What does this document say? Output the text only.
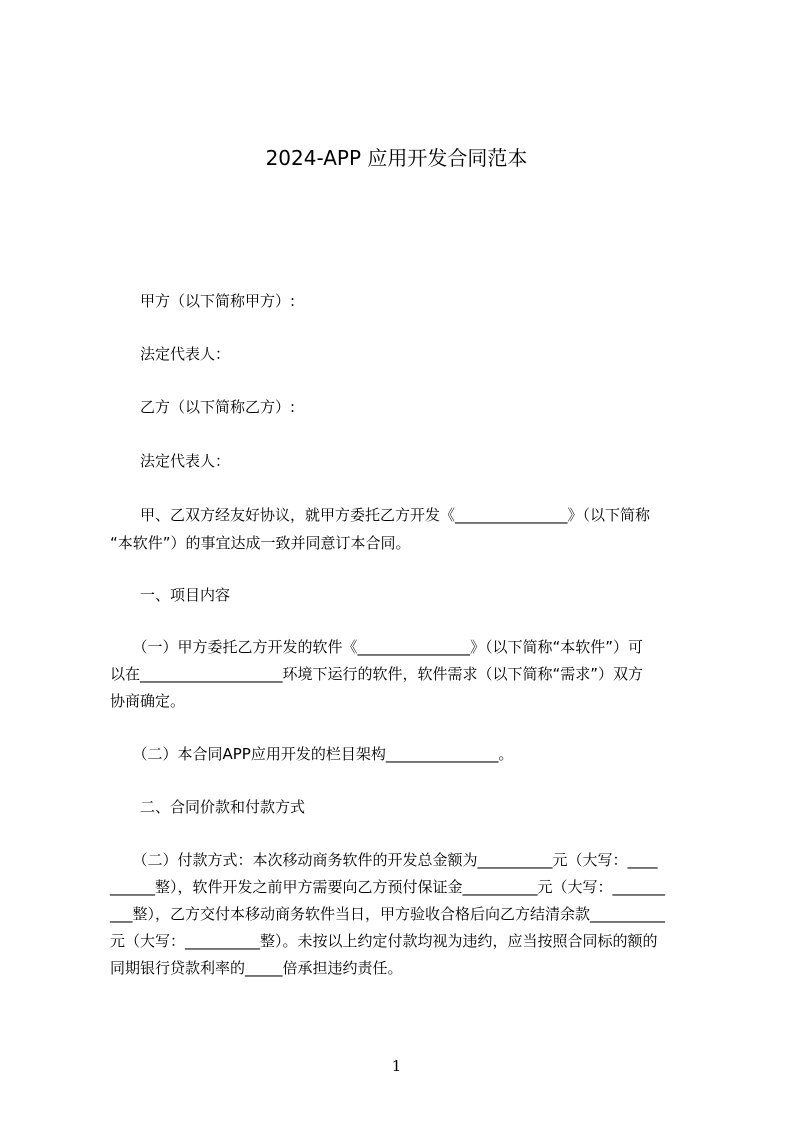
2024-APP 应用开发合同范本
　　甲方（以下简称甲方）:
　　法定代表人：
　　乙方（以下简称乙方）:
　　法定代表人：
　　甲、乙双方经友好协议，就甲方委托乙方开发《_______________》（以下简称
“本软件”）的事宜达成一致并同意订本合同。
　　一、项目内容
　　（一）甲方委托乙方开发的软件《_______________》（以下简称“本软件”）可
以在___________________环境下运行的软件，软件需求（以下简称“需求”）双方
协商确定。
　　（二）本合同APP应用开发的栏目架构_______________。
　　二、合同价款和付款方式
　　（二）付款方式：本次移动商务软件的开发总金额为__________元（大写：____
______整），软件开发之前甲方需要向乙方预付保证金__________元（大写：_______
___整），乙方交付本移动商务软件当日，甲方验收合格后向乙方结清余款__________
元（大写：__________整）。未按以上约定付款均视为违约，应当按照合同标的额的
同期银行贷款利率的_____倍承担违约责任。
1
